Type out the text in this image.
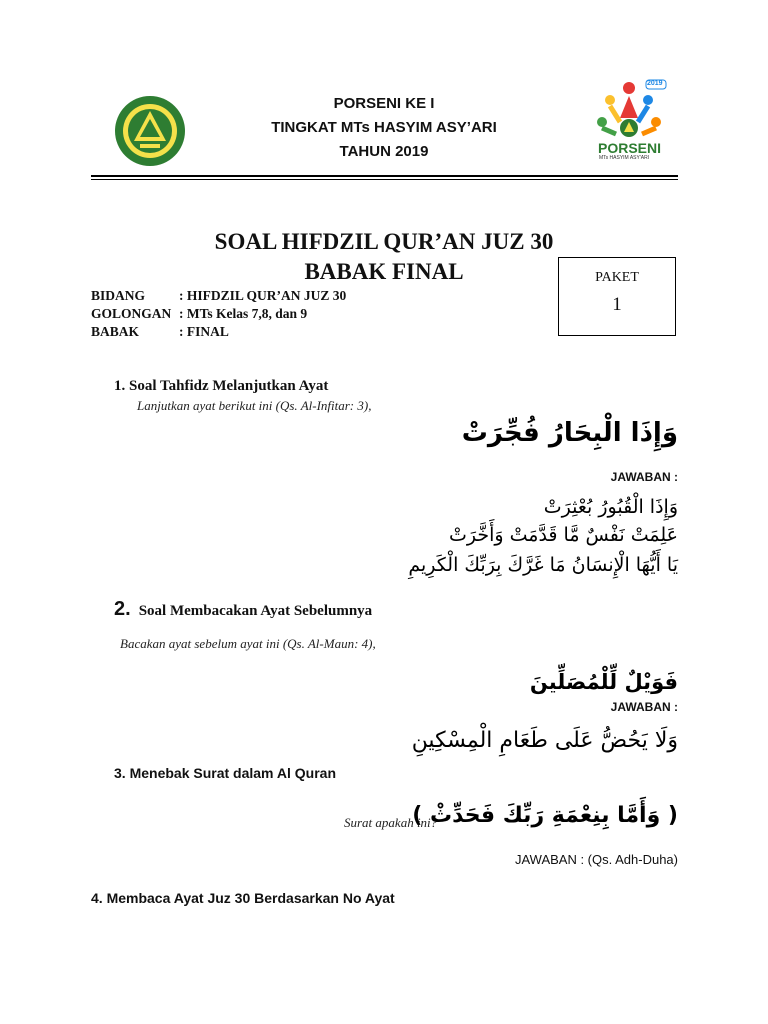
2019
PORSENI
MTs HASYIM ASY'ARI
PORSENI KE I
TINGKAT MTs HASYIM ASY’ARI
TAHUN 2019
SOAL HIFDZIL QUR’AN JUZ 30
BABAK FINAL	PAKET
1
BIDANG	: HIFDZIL QUR’AN JUZ 30
GOLONGAN : MTs Kelas 7,8, dan 9
BABAK	: FINAL
1. Soal Tahfidz Melanjutkan Ayat
Lanjutkan ayat berikut ini (Qs. Al-Infitar: 3),
وَإِذَا الْبِحَارُ فُجِّرَتْ
JAWABAN :
وَإِذَا الْقُبُورُ بُعْثِرَتْ
عَلِمَتْ نَفْسٌ مَّا قَدَّمَتْ وَأَخَّرَتْ
يَا أَيُّهَا الْإِنسَانُ مَا غَرَّكَ بِرَبِّكَ الْكَرِيمِ
2. Soal Membacakan Ayat Sebelumnya
Bacakan ayat sebelum ayat ini (Qs. Al-Maun: 4),
فَوَيْلٌ لِّلْمُصَلِّينَ
JAWABAN :
وَلَا يَحُضُّ عَلَى طَعَامِ الْمِسْكِينِ
3. Menebak Surat dalam Al Quran
Surat apakah ini?
( وَأَمَّا بِنِعْمَةِ رَبِّكَ فَحَدِّثْ )
JAWABAN : (Qs. Adh-Duha)
4. Membaca Ayat Juz 30 Berdasarkan No Ayat
